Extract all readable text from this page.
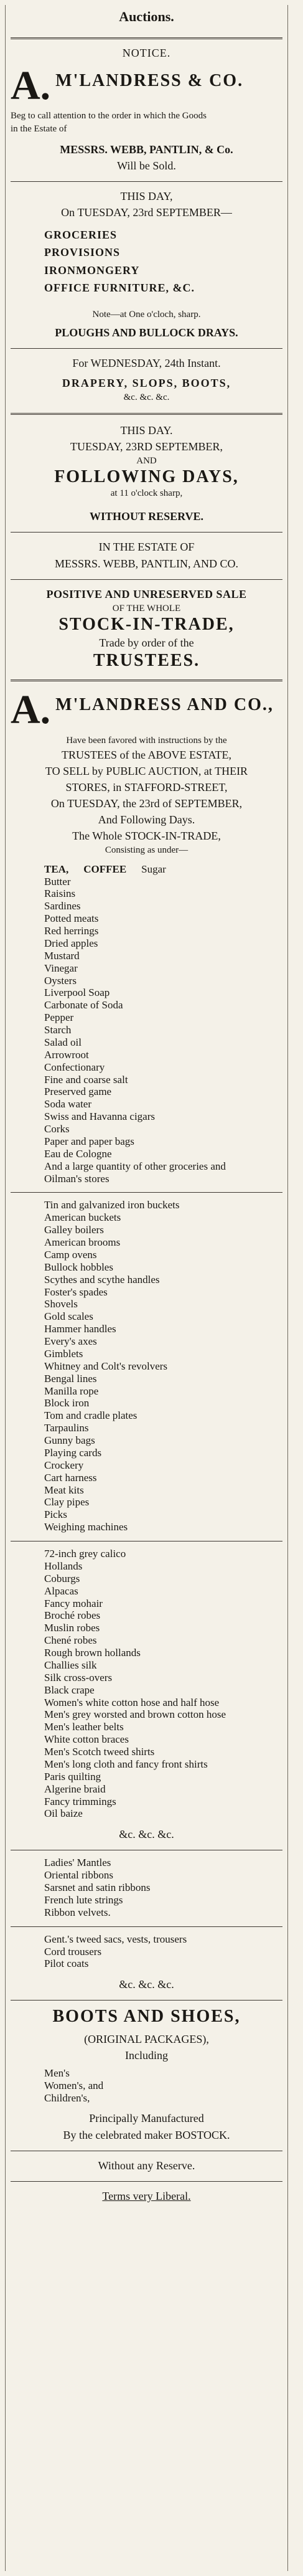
Auctions.
NOTICE.
A. M'LANDRESS & CO.
Beg to call attention to the order in which the Goods
in the Estate of
MESSRS. WEBB, PANTLIN, & Co.
Will be Sold.
THIS DAY,
On TUESDAY, 23rd SEPTEMBER—
GROCERIES
PROVISIONS
IRONMONGERY
OFFICE FURNITURE, &C.
Note—at One o'cloch, sharp.
PLOUGHS AND BULLOCK DRAYS.
For WEDNESDAY, 24th Instant.
DRAPERY, SLOPS, BOOTS,
&c. &c. &c.
THIS DAY.
TUESDAY, 23RD SEPTEMBER,
AND
FOLLOWING DAYS,
at 11 o'clock sharp,
WITHOUT RESERVE.
IN THE ESTATE OF
MESSRS. WEBB, PANTLIN, AND CO.
POSITIVE AND UNRESERVED SALE
OF THE WHOLE
STOCK-IN-TRADE,
Trade by order of the
TRUSTEES.
A. M'LANDRESS AND CO.,
Have been favored with instructions by the
TRUSTEES of the ABOVE ESTATE,
TO SELL by PUBLIC AUCTION, at THEIR
STORES, in STAFFORD-STREET,
On TUESDAY, the 23rd of SEPTEMBER,
And Following Days.
The Whole STOCK-IN-TRADE,
Consisting as under—
TEA, COFFEE Sugar
Butter
Raisins
Sardines
Potted meats
Red herrings
Dried apples
Mustard
Vinegar
Oysters
Liverpool Soap
Carbonate of Soda
Pepper
Starch
Salad oil
Arrowroot
Confectionary
Fine and coarse salt
Preserved game
Soda water
Swiss and Havanna cigars
Corks
Paper and paper bags
Eau de Cologne
And a large quantity of other groceries and
Oilman's stores
Tin and galvanized iron buckets
American buckets
Galley boilers
American brooms
Camp ovens
Bullock hobbles
Scythes and scythe handles
Foster's spades
Shovels
Gold scales
Hammer handles
Every's axes
Gimblets
Whitney and Colt's revolvers
Bengal lines
Manilla rope
Block iron
Tom and cradle plates
Tarpaulins
Gunny bags
Playing cards
Crockery
Cart harness
Meat kits
Clay pipes
Picks
Weighing machines
72-inch grey calico
Hollands
Coburgs
Alpacas
Fancy mohair
Broché robes
Muslin robes
Chené robes
Rough brown hollands
Challies silk
Silk cross-overs
Black crape
Women's white cotton hose and half hose
Men's grey worsted and brown cotton hose
Men's leather belts
White cotton braces
Men's Scotch tweed shirts
Men's long cloth and fancy front shirts
Paris quilting
Algerine braid
Fancy trimmings
Oil baize
&c. &c. &c.
Ladies' Mantles
Oriental ribbons
Sarsnet and satin ribbons
French lute strings
Ribbon velvets.
Gent.'s tweed sacs, vests, trousers
Cord trousers
Pilot coats
&c. &c. &c.
BOOTS AND SHOES,
(ORIGINAL PACKAGES),
Including
Men's
Women's, and
Children's,
Principally Manufactured
By the celebrated maker BOSTOCK.
Without any Reserve.
Terms very Liberal.
